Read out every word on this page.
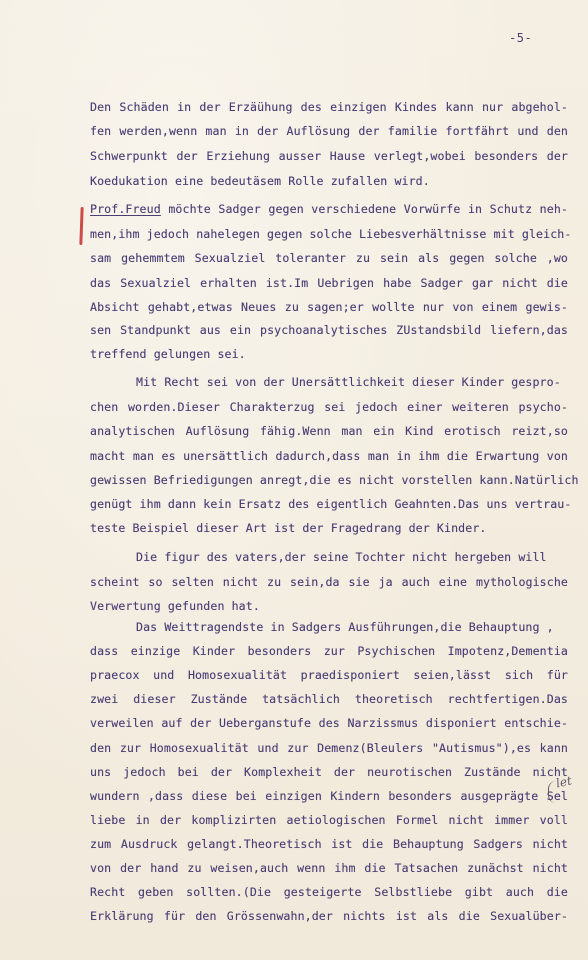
-5-
Den Schäden in der Erzäühung des einzigen Kindes kann nur abgehol-
fen werden,wenn man in der Auflösung der familie fortfährt und den
Schwerpunkt der Erziehung ausser Hause verlegt,wobei besonders der
Koedukation eine bedeutäsem Rolle zufallen wird.
Prof.Freud möchte Sadger gegen verschiedene Vorwürfe in Schutz neh-
men,ihm jedoch nahelegen gegen solche Liebesverhältnisse mit gleich-
sam gehemmtem Sexualziel toleranter zu sein als gegen solche ,wo
das Sexualziel erhalten ist.Im Uebrigen habe Sadger gar nicht die
Absicht gehabt,etwas Neues zu sagen;er wollte nur von einem gewis-
sen Standpunkt aus ein psychoanalytisches ZUstandsbild liefern,das
treffend gelungen sei.
Mit Recht sei von der Unersättlichkeit dieser Kinder gespro-
chen worden.Dieser Charakterzug sei jedoch einer weiteren psycho-
analytischen Auflösung fähig.Wenn man ein Kind erotisch reizt,so
macht man es unersättlich dadurch,dass man in ihm die Erwartung von
gewissen Befriedigungen anregt,die es nicht vorstellen kann.Natürlich
genügt ihm dann kein Ersatz des eigentlich Geahnten.Das uns vertrau-
teste Beispiel dieser Art ist der Fragedrang der Kinder.
Die figur des vaters,der seine Tochter nicht hergeben will
scheint so selten nicht zu sein,da sie ja auch eine mythologische
Verwertung gefunden hat.
Das Weittragendste in Sadgers Ausführungen,die Behauptung ,
dass einzige Kinder besonders zur Psychischen Impotenz,Dementia
praecox und Homosexualität praedisponiert seien,lässt sich für
zwei dieser Zustände tatsächlich theoretisch rechtfertigen.Das
verweilen auf der Ueberganstufe des Narzissmus disponiert entschie-
den zur Homosexualität und zur Demenz(Bleulers "Autismus"),es kann
uns jedoch bei der Komplexheit der neurotischen Zustände nicht
wundern ,dass diese bei einzigen Kindern besonders ausgeprägte Sel
liebe in der komplizirten aetiologischen Formel nicht immer voll
zum Ausdruck gelangt.Theoretisch ist die Behauptung Sadgers nicht
von der hand zu weisen,auch wenn ihm die Tatsachen zunächst nicht
Recht geben sollten.(Die gesteigerte Selbstliebe gibt auch die
Erklärung für den Grössenwahn,der nichts ist als die Sexualüber-
let
